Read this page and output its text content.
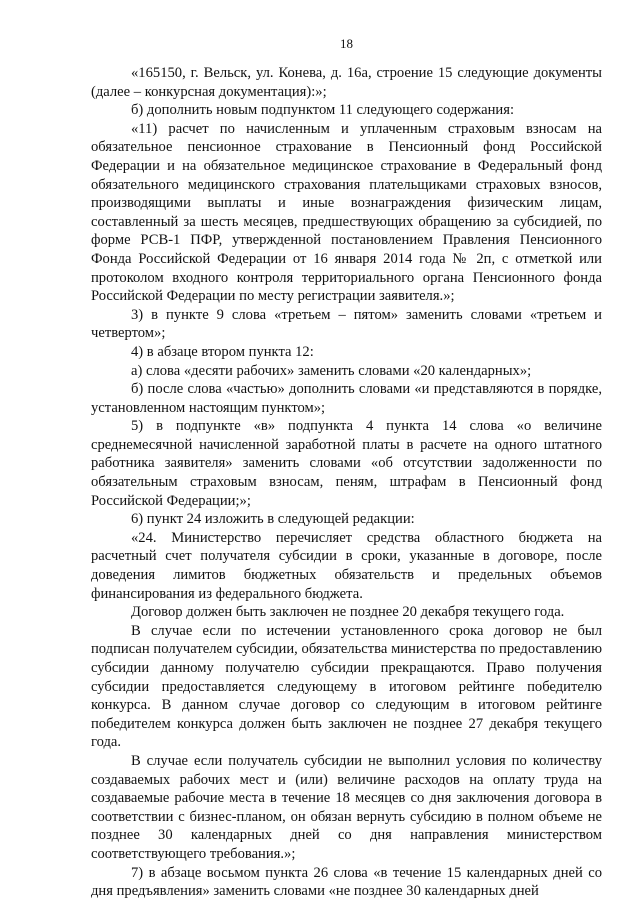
18

«165150, г. Вельск, ул. Конева, д. 16а, строение 15 следующие документы (далее – конкурсная документация):»;

б) дополнить новым подпунктом 11 следующего содержания:

«11) расчет по начисленным и уплаченным страховым взносам на обязательное пенсионное страхование в Пенсионный фонд Российской Федерации и на обязательное медицинское страхование в Федеральный фонд обязательного медицинского страхования плательщиками страховых взносов, производящими выплаты и иные вознаграждения физическим лицам, составленный за шесть месяцев, предшествующих обращению за субсидией, по форме РСВ-1 ПФР, утвержденной постановлением Правления Пенсионного Фонда Российской Федерации от 16 января 2014 года № 2п, с отметкой или протоколом входного контроля территориального органа Пенсионного фонда Российской Федерации по месту регистрации заявителя.»;

3) в пункте 9 слова «третьем – пятом» заменить словами «третьем и четвертом»;

4) в абзаце втором пункта 12:

а) слова «десяти рабочих» заменить словами «20 календарных»;

б) после слова «частью» дополнить словами «и представляются в порядке, установленном настоящим пунктом»;

5) в подпункте «в» подпункта 4 пункта 14 слова «о величине среднемесячной начисленной заработной платы в расчете на одного штатного работника заявителя» заменить словами «об отсутствии задолженности по обязательным страховым взносам, пеням, штрафам в Пенсионный фонд Российской Федерации;»;

6) пункт 24 изложить в следующей редакции:

«24. Министерство перечисляет средства областного бюджета на расчетный счет получателя субсидии в сроки, указанные в договоре, после доведения лимитов бюджетных обязательств и предельных объемов финансирования из федерального бюджета.

Договор должен быть заключен не позднее 20 декабря текущего года.

В случае если по истечении установленного срока договор не был подписан получателем субсидии, обязательства министерства по предоставлению субсидии данному получателю субсидии прекращаются. Право получения субсидии предоставляется следующему в итоговом рейтинге победителю конкурса. В данном случае договор со следующим в итоговом рейтинге победителем конкурса должен быть заключен не позднее 27 декабря текущего года.

В случае если получатель субсидии не выполнил условия по количеству создаваемых рабочих мест и (или) величине расходов на оплату труда на создаваемые рабочие места в течение 18 месяцев со дня заключения договора в соответствии с бизнес-планом, он обязан вернуть субсидию в полном объеме не позднее 30 календарных дней со дня направления министерством соответствующего требования.»;

7) в абзаце восьмом пункта 26 слова «в течение 15 календарных дней со дня предъявления» заменить словами «не позднее 30 календарных дней
